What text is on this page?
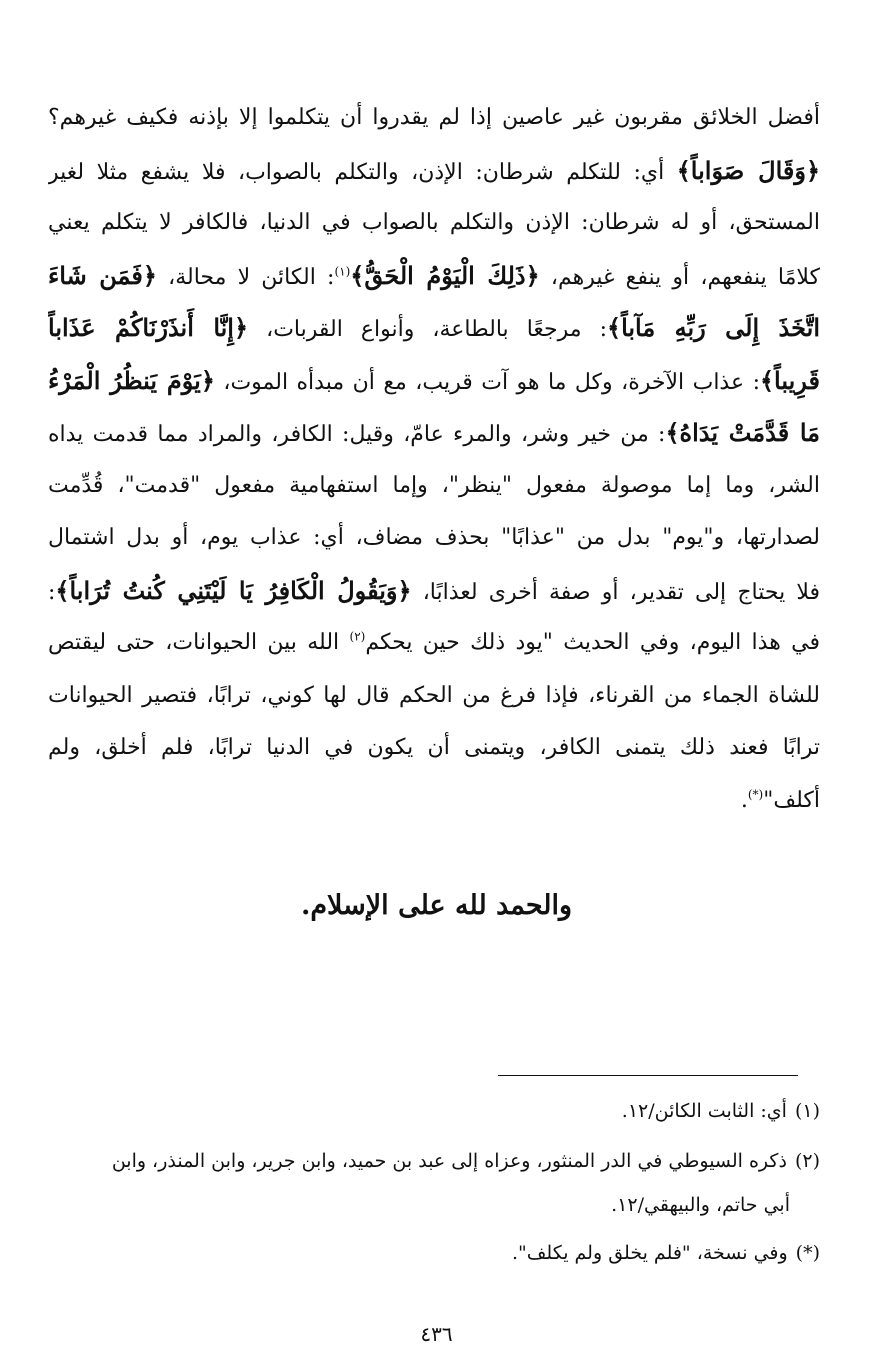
أفضل الخلائق مقربون غير عاصين إذا لم يقدروا أن يتكلموا إلا بإذنه فكيف غيرهم؟
﴿وَقَالَ صَوَاباً﴾ أي: للتكلم شرطان: الإذن، والتكلم بالصواب، فلا يشفع مثلا لغير
المستحق، أو له شرطان: الإذن والتكلم بالصواب في الدنيا، فالكافر لا يتكلم يعني
كلامًا ينفعهم، أو ينفع غيرهم، ﴿ذَلِكَ الْيَوْمُ الْحَقُّ﴾$^{(١)}$: الكائن لا محالة، ﴿فَمَن شَاءَ
اتَّخَذَ إِلَى رَبِّهِ مَآباً﴾: مرجعًا بالطاعة، وأنواع القربات، ﴿إِنَّا أَنذَرْنَاكُمْ عَذَاباً
قَرِيباً﴾: عذاب الآخرة، وكل ما هو آت قريب، مع أن مبدأه الموت، ﴿يَوْمَ يَنظُرُ الْمَرْءُ
مَا قَدَّمَتْ يَدَاهُ﴾: من خير وشر، والمرء عامّ، وقيل: الكافر، والمراد مما قدمت يداه
الشر، وما إما موصولة مفعول "ينظر"، وإما استفهامية مفعول "قدمت"، قُدِّمت
لصدارتها، و"يوم" بدل من "عذابًا" بحذف مضاف، أي: عذاب يوم، أو بدل اشتمال
فلا يحتاج إلى تقدير، أو صفة أخرى لعذابًا، ﴿وَيَقُولُ الْكَافِرُ يَا لَيْتَنِي كُنتُ تُرَاباً﴾:
في هذا اليوم، وفي الحديث "يود ذلك حين يحكم$^{(٢)}$ الله بين الحيوانات، حتى ليقتص
للشاة الجماء من القرناء، فإذا فرغ من الحكم قال لها كوني، ترابًا، فتصير الحيوانات
ترابًا فعند ذلك يتمنى الكافر، ويتمنى أن يكون في الدنيا ترابًا، فلم أخلق، ولم
أكلف"(*).
والحمد لله على الإسلام.
(١)أي: الثابت الكائن/١٢.
(٢)ذكره السيوطي في الدر المنثور، وعزاه إلى عبد بن حميد، وابن جرير، وابن المنذر، وابن
أبي حاتم، والبيهقي/١٢.
(*)وفي نسخة، "فلم يخلق ولم يكلف".
٤٣٦
